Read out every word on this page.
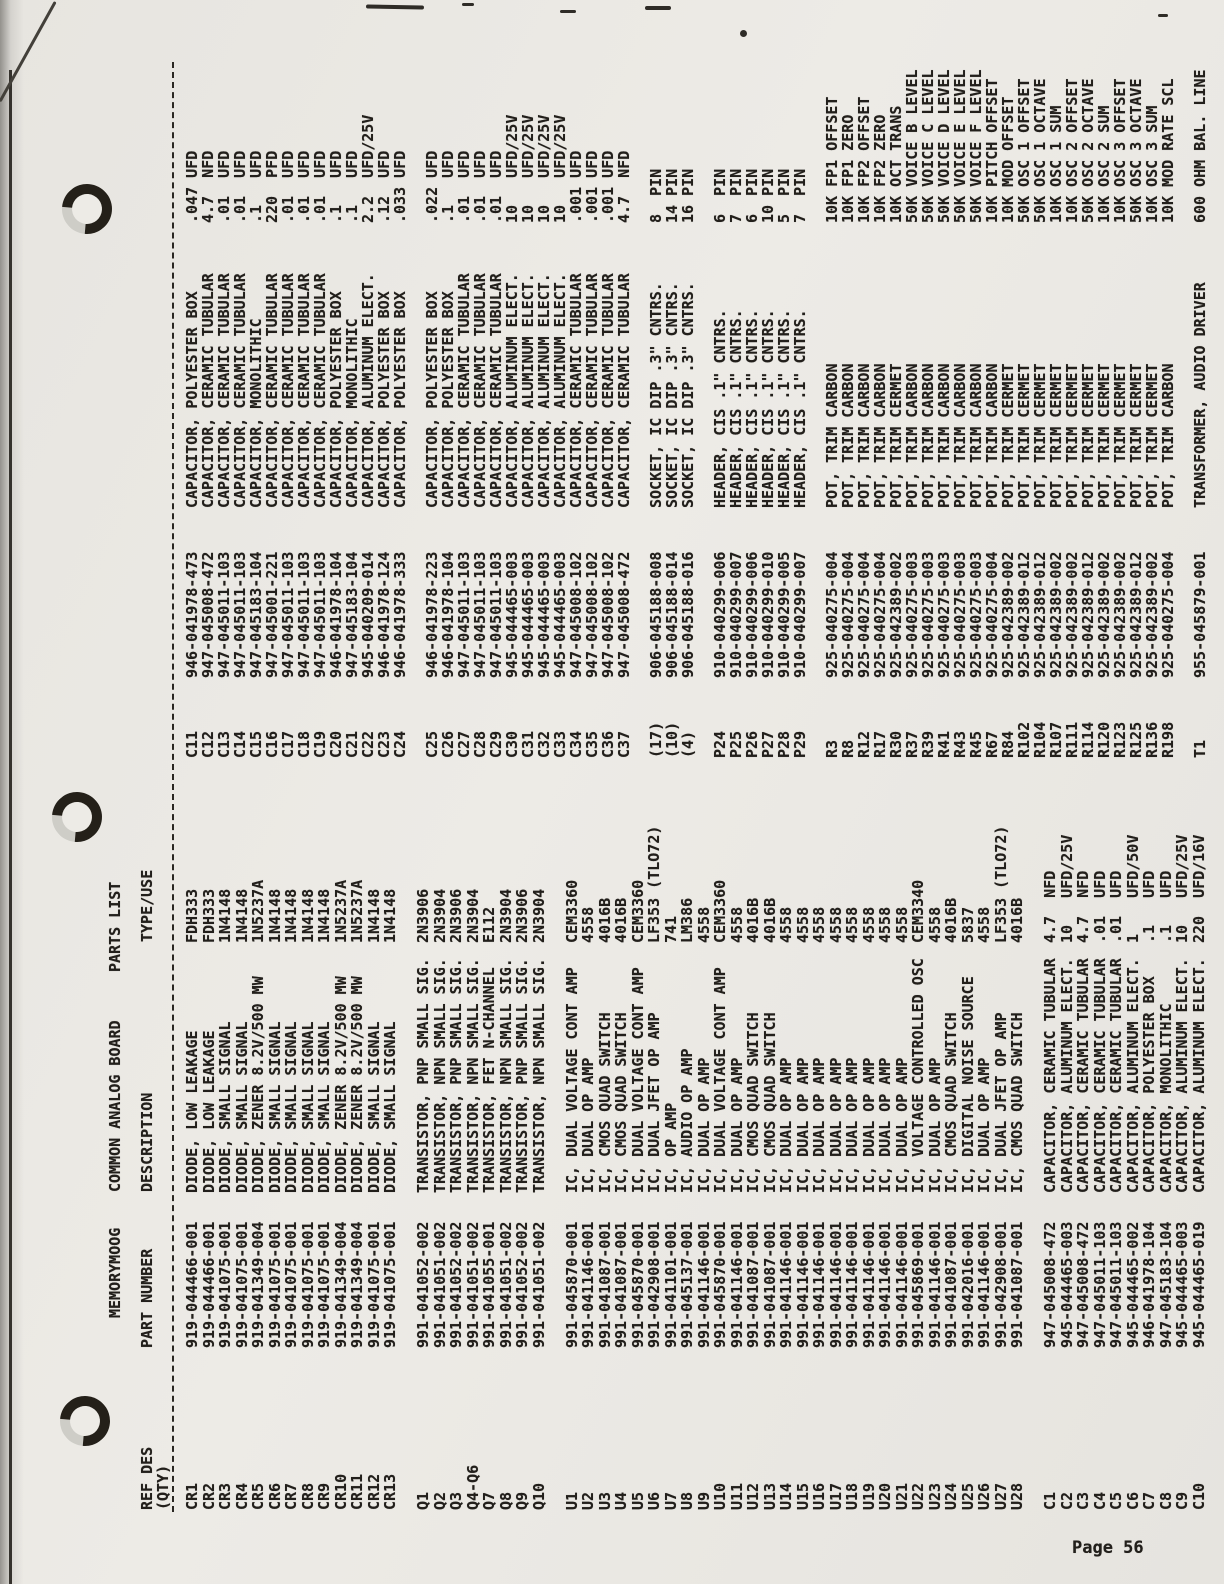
MEMORYMOOG
COMMON ANALOG BOARD
PARTS LIST
REF DES
(QTY)
PART NUMBER
DESCRIPTION
TYPE/USE
CR1919-044466-001DIODE, LOW LEAKAGEFDH333
CR2919-044466-001DIODE, LOW LEAKAGEFDH333
CR3919-041075-001DIODE, SMALL SIGNAL1N4148
CR4919-041075-001DIODE, SMALL SIGNAL1N4148
CR5919-041349-004DIODE, ZENER 8.2V/500 MW1N5237A
CR6919-041075-001DIODE, SMALL SIGNAL1N4148
CR7919-041075-001DIODE, SMALL SIGNAL1N4148
CR8919-041075-001DIODE, SMALL SIGNAL1N4148
CR9919-041075-001DIODE, SMALL SIGNAL1N4148
CR10919-041349-004DIODE, ZENER 8.2V/500 MW1N5237A
CR11919-041349-004DIODE, ZENER 8.2V/500 MW1N5237A
CR12919-041075-001DIODE, SMALL SIGNAL1N4148
CR13919-041075-001DIODE, SMALL SIGNAL1N4148
Q1991-041052-002TRANSISTOR, PNP SMALL SIG.2N3906
Q2991-041051-002TRANSISTOR, NPN SMALL SIG.2N3904
Q3991-041052-002TRANSISTOR, PNP SMALL SIG.2N3906
Q4-Q6991-041051-002TRANSISTOR, NPN SMALL SIG.2N3904
Q7991-041055-001TRANSISTOR, FET N-CHANNELE112
Q8991-041051-002TRANSISTOR, NPN SMALL SIG.2N3904
Q9991-041052-002TRANSISTOR, PNP SMALL SIG.2N3906
Q10991-041051-002TRANSISTOR, NPN SMALL SIG.2N3904
U1991-045870-001IC, DUAL VOLTAGE CONT AMPCEM3360
U2991-041146-001IC, DUAL OP AMP4558
U3991-041087-001IC, CMOS QUAD SWITCH4016B
U4991-041087-001IC, CMOS QUAD SWITCH4016B
U5991-045870-001IC, DUAL VOLTAGE CONT AMPCEM3360
U6991-042908-001IC, DUAL JFET OP AMPLF353 (TLO72)
U7991-041101-001IC, OP AMP741
U8991-045137-001IC, AUDIO OP AMPLM386
U9991-041146-001IC, DUAL OP AMP4558
U10991-045870-001IC, DUAL VOLTAGE CONT AMPCEM3360
U11991-041146-001IC, DUAL OP AMP4558
U12991-041087-001IC, CMOS QUAD SWITCH4016B
U13991-041087-001IC, CMOS QUAD SWITCH4016B
U14991-041146-001IC, DUAL OP AMP4558
U15991-041146-001IC, DUAL OP AMP4558
U16991-041146-001IC, DUAL OP AMP4558
U17991-041146-001IC, DUAL OP AMP4558
U18991-041146-001IC, DUAL OP AMP4558
U19991-041146-001IC, DUAL OP AMP4558
U20991-041146-001IC, DUAL OP AMP4558
U21991-041146-001IC, DUAL OP AMP4558
U22991-045869-001IC, VOLTAGE CONTROLLED OSCCEM3340
U23991-041146-001IC, DUAL OP AMP4558
U24991-041087-001IC, CMOS QUAD SWITCH4016B
U25991-042016-001IC, DIGITAL NOISE SOURCE5837
U26991-041146-001IC, DUAL OP AMP4558
U27991-042908-001IC, DUAL JFET OP AMPLF353 (TLO72)
U28991-041087-001IC, CMOS QUAD SWITCH4016B
C1947-045008-472CAPACITOR, CERAMIC TUBULAR4.7  NFD
C2945-044465-003CAPACITOR, ALUMINUM ELECT.10   UFD/25V
C3947-045008-472CAPACITOR, CERAMIC TUBULAR4.7  NFD
C4947-045011-103CAPACITOR, CERAMIC TUBULAR.01  UFD
C5947-045011-103CAPACITOR, CERAMIC TUBULAR.01  UFD
C6945-044465-002CAPACITOR, ALUMINUM ELECT.1    UFD/50V
C7946-041978-104CAPACITOR, POLYESTER BOX.1   UFD
C8947-045183-104CAPACITOR, MONOLITHIC.1   UFD
C9945-044465-003CAPACITOR, ALUMINUM ELECT.10   UFD/25V
C10945-044465-019CAPACITOR, ALUMINUM ELECT.220  UFD/16V
C11946-041978-473CAPACITOR, POLYESTER BOX.047 UFD
C12947-045008-472CAPACITOR, CERAMIC TUBULAR4.7  NFD
C13947-045011-103CAPACITOR, CERAMIC TUBULAR.01  UFD
C14947-045011-103CAPACITOR, CERAMIC TUBULAR.01  UFD
C15947-045183-104CAPACITOR, MONOLITHIC.1   UFD
C16947-045001-221CAPACITOR, CERAMIC TUBULAR220  PFD
C17947-045011-103CAPACITOR, CERAMIC TUBULAR.01  UFD
C18947-045011-103CAPACITOR, CERAMIC TUBULAR.01  UFD
C19947-045011-103CAPACITOR, CERAMIC TUBULAR.01  UFD
C20946-041978-104CAPACITOR, POLYESTER BOX.1   UFD
C21947-045183-104CAPACITOR, MONOLITHIC.1   UFD
C22945-040209-014CAPACITOR, ALUMINUM ELECT.2.2  UFD/25V
C23946-041978-124CAPACITOR, POLYESTER BOX.12  UFD
C24946-041978-333CAPACITOR, POLYESTER BOX.033 UFD
C25946-041978-223CAPACITOR, POLYESTER BOX.022 UFD
C26946-041978-104CAPACITOR, POLYESTER BOX.1   UFD
C27947-045011-103CAPACITOR, CERAMIC TUBULAR.01  UFD
C28947-045011-103CAPACITOR, CERAMIC TUBULAR.01  UFD
C29947-045011-103CAPACITOR, CERAMIC TUBULAR.01  UFD
C30945-044465-003CAPACITOR, ALUMINUM ELECT.10   UFD/25V
C31945-044465-003CAPACITOR, ALUMINUM ELECT.10   UFD/25V
C32945-044465-003CAPACITOR, ALUMINUM ELECT.10   UFD/25V
C33945-044465-003CAPACITOR, ALUMINUM ELECT.10   UFD/25V
C34947-045008-102CAPACITOR, CERAMIC TUBULAR.001 UFD
C35947-045008-102CAPACITOR, CERAMIC TUBULAR.001 UFD
C36947-045008-102CAPACITOR, CERAMIC TUBULAR.001 UFD
C37947-045008-472CAPACITOR, CERAMIC TUBULAR4.7  NFD
(17)906-045188-008SOCKET, IC DIP .3" CNTRS.8  PIN
(10)906-045188-014SOCKET, IC DIP .3" CNTRS.14 PIN
(4)906-045188-016SOCKET, IC DIP .3" CNTRS.16 PIN
P24910-040299-006HEADER, CIS .1" CNTRS.6  PIN
P25910-040299-007HEADER, CIS .1" CNTRS.7  PIN
P26910-040299-006HEADER, CIS .1" CNTRS.6  PIN
P27910-040299-010HEADER, CIS .1" CNTRS.10 PIN
P28910-040299-005HEADER, CIS .1" CNTRS.5  PIN
P29910-040299-007HEADER, CIS .1" CNTRS.7  PIN
R3925-040275-004POT, TRIM CARBON10K FP1 OFFSET
R8925-040275-004POT, TRIM CARBON10K FP1 ZERO
R12925-040275-004POT, TRIM CARBON10K FP2 OFFSET
R17925-040275-004POT, TRIM CARBON10K FP2 ZERO
R30925-042389-002POT, TRIM CERMET10K OCT TRANS
R37925-040275-003POT, TRIM CARBON50K VOICE B LEVEL
R39925-040275-003POT, TRIM CARBON50K VOICE C LEVEL
R41925-040275-003POT, TRIM CARBON50K VOICE D LEVEL
R43925-040275-003POT, TRIM CARBON50K VOICE E LEVEL
R45925-040275-003POT, TRIM CARBON50K VOICE F LEVEL
R67925-040275-004POT, TRIM CARBON10K PITCH OFFSET
R84925-042389-002POT, TRIM CERMET10K MOD OFFSET
R102925-042389-012POT, TRIM CERMET50K OSC 1 OFFSET
R104925-042389-012POT, TRIM CERMET50K OSC 1 OCTAVE
R107925-042389-002POT, TRIM CERMET10K OSC 1 SUM
R111925-042389-002POT, TRIM CERMET10K OSC 2 OFFSET
R114925-042389-012POT, TRIM CERMET50K OSC 2 OCTAVE
R120925-042389-002POT, TRIM CERMET10K OSC 2 SUM
R123925-042389-002POT, TRIM CERMET10K OSC 3 OFFSET
R125925-042389-012POT, TRIM CERMET50K OSC 3 OCTAVE
R136925-042389-002POT, TRIM CERMET10K OSC 3 SUM
R198925-040275-004POT, TRIM CARBON10K MOD RATE SCL
T1955-045879-001TRANSFORMER, AUDIO DRIVER600 OHM BAL. LINE
Page 56
